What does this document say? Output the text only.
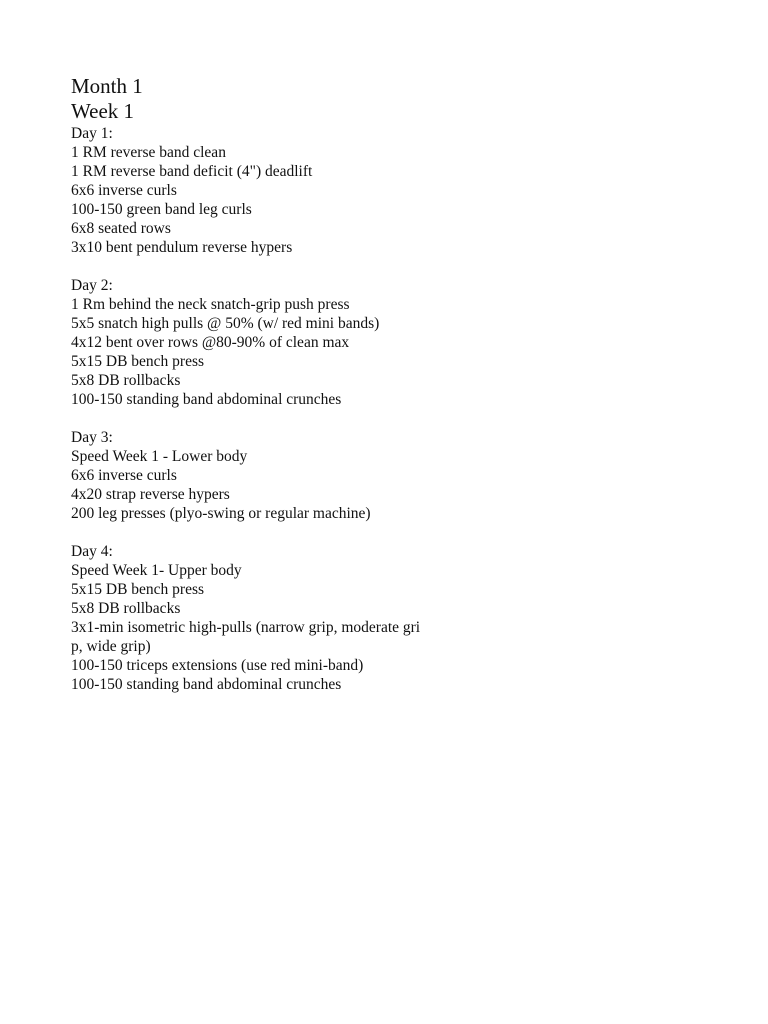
Month 1
Week 1
Day 1:
1 RM reverse band clean
1 RM reverse band deficit (4") deadlift
6x6 inverse curls
100-150 green band leg curls
6x8 seated rows
3x10 bent pendulum reverse hypers
Day 2:
1 Rm behind the neck snatch-grip push press
5x5 snatch high pulls @ 50% (w/ red mini bands)
4x12 bent over rows @80-90% of clean max
5x15 DB bench press
5x8 DB rollbacks
100-150 standing band abdominal crunches
Day 3:
Speed Week 1 - Lower body
6x6 inverse curls
4x20 strap reverse hypers
200 leg presses (plyo-swing or regular machine)
Day 4:
Speed Week 1- Upper body
5x15 DB bench press
5x8 DB rollbacks
3x1-min isometric high-pulls (narrow grip, moderate gri
p, wide grip)
100-150 triceps extensions (use red mini-band)
100-150 standing band abdominal crunches
